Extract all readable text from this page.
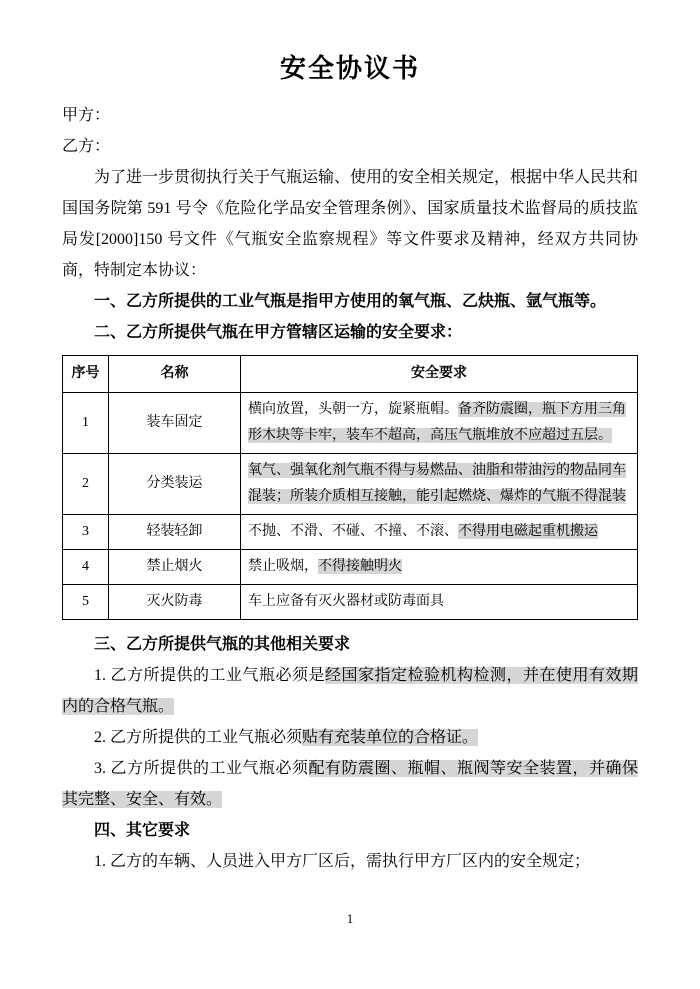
安全协议书

甲方：

乙方：

为了进一步贯彻执行关于气瓶运输、使用的安全相关规定，根据中华人民共和国国务院第 591 号令《危险化学品安全管理条例》、国家质量技术监督局的质技监局发[2000]150 号文件《气瓶安全监察规程》等文件要求及精神，经双方共同协商，特制定本协议：

一、乙方所提供的工业气瓶是指甲方使用的氧气瓶、乙炔瓶、氩气瓶等。

二、乙方所提供气瓶在甲方管辖区运输的安全要求：

序号	名称	安全要求
1	装车固定	横向放置，头朝一方，旋紧瓶帽。备齐防震圈，瓶下方用三角形木块等卡牢，装车不超高，高压气瓶堆放不应超过五层。
2	分类装运	氧气、强氧化剂气瓶不得与易燃品、油脂和带油污的物品同车混装；所装介质相互接触，能引起燃烧、爆炸的气瓶不得混装
3	轻装轻卸	不抛、不滑、不碰、不撞、不滚、不得用电磁起重机搬运
4	禁止烟火	禁止吸烟，不得接触明火
5	灭火防毒	车上应备有灭火器材或防毒面具

三、乙方所提供气瓶的其他相关要求

1. 乙方所提供的工业气瓶必须是经国家指定检验机构检测，并在使用有效期内的合格气瓶。

2. 乙方所提供的工业气瓶必须贴有充装单位的合格证。

3. 乙方所提供的工业气瓶必须配有防震圈、瓶帽、瓶阀等安全装置，并确保其完整、安全、有效。

四、其它要求

1. 乙方的车辆、人员进入甲方厂区后，需执行甲方厂区内的安全规定；

1
